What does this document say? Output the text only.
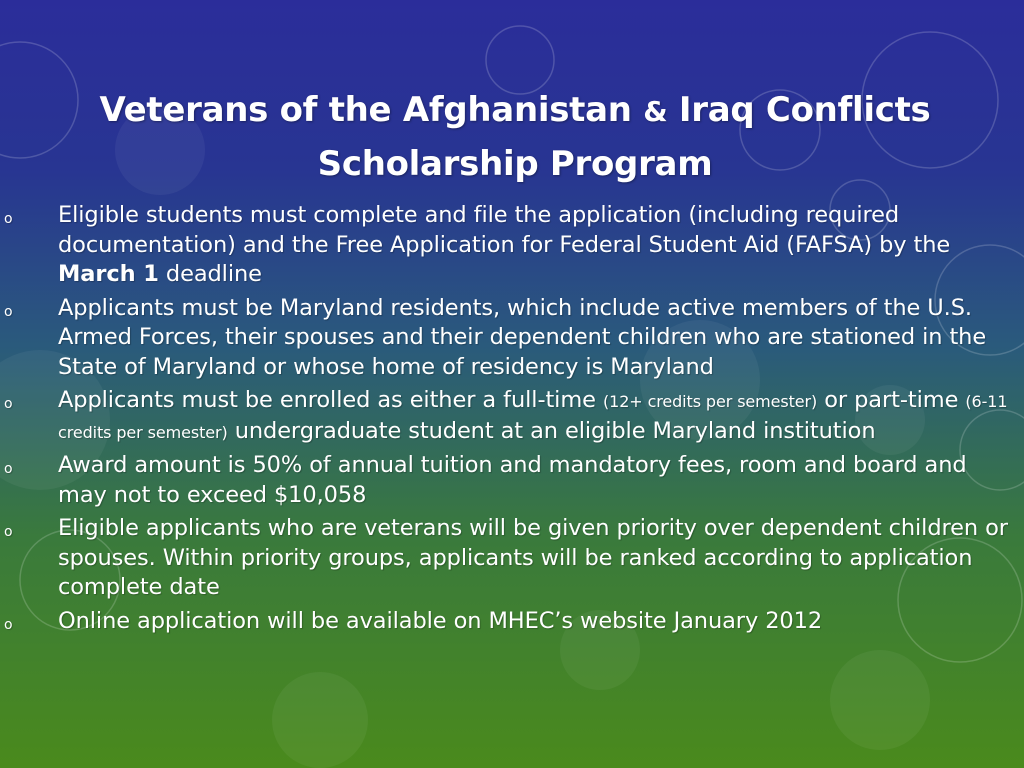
Veterans of the Afghanistan & Iraq Conflicts
Scholarship Program
o Eligible students must complete and file the application (including required documentation) and the Free Application for Federal Student Aid (FAFSA) by the March 1 deadline
o Applicants must be Maryland residents, which include active members of the U.S. Armed Forces, their spouses and their dependent children who are stationed in the State of Maryland or whose home of residency is Maryland
o Applicants must be enrolled as either a full-time (12+ credits per semester) or part-time (6-11 credits per semester) undergraduate student at an eligible Maryland institution
o Award amount is 50% of annual tuition and mandatory fees, room and board and may not to exceed $10,058
o Eligible applicants who are veterans will be given priority over dependent children or spouses. Within priority groups, applicants will be ranked according to application complete date
o Online application will be available on MHEC’s website January 2012
